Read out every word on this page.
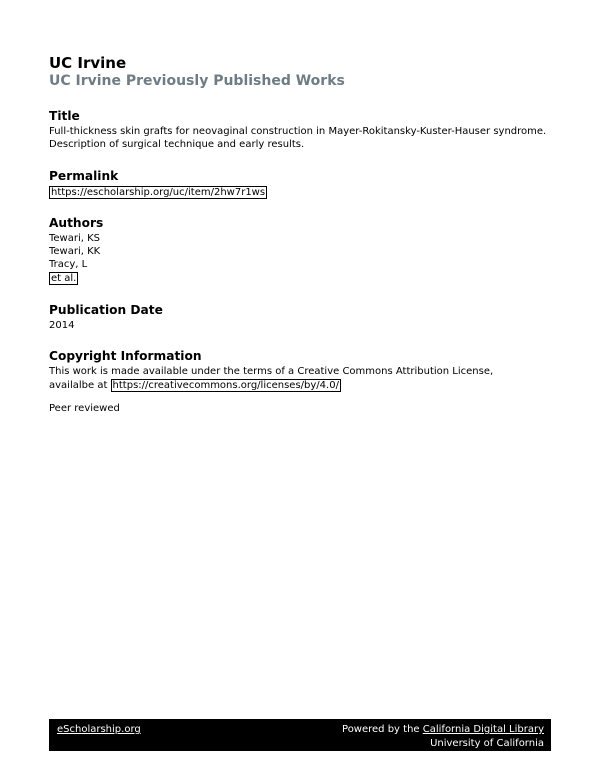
UC Irvine
UC Irvine Previously Published Works

Title

Full-thickness skin grafts for neovaginal construction in Mayer-Rokitansky-Kuster-Hauser syndrome. Description of surgical technique and early results.

Permalink

https://escholarship.org/uc/item/2hw7r1ws

Authors

Tewari, KS

Tewari, KK

Tracy, L

et al.

Publication Date

2014

Copyright Information

This work is made available under the terms of a Creative Commons Attribution License,

availalbe at https://creativecommons.org/licenses/by/4.0/

Peer reviewed

eScholarship.org	Powered by the California Digital Library
University of California
